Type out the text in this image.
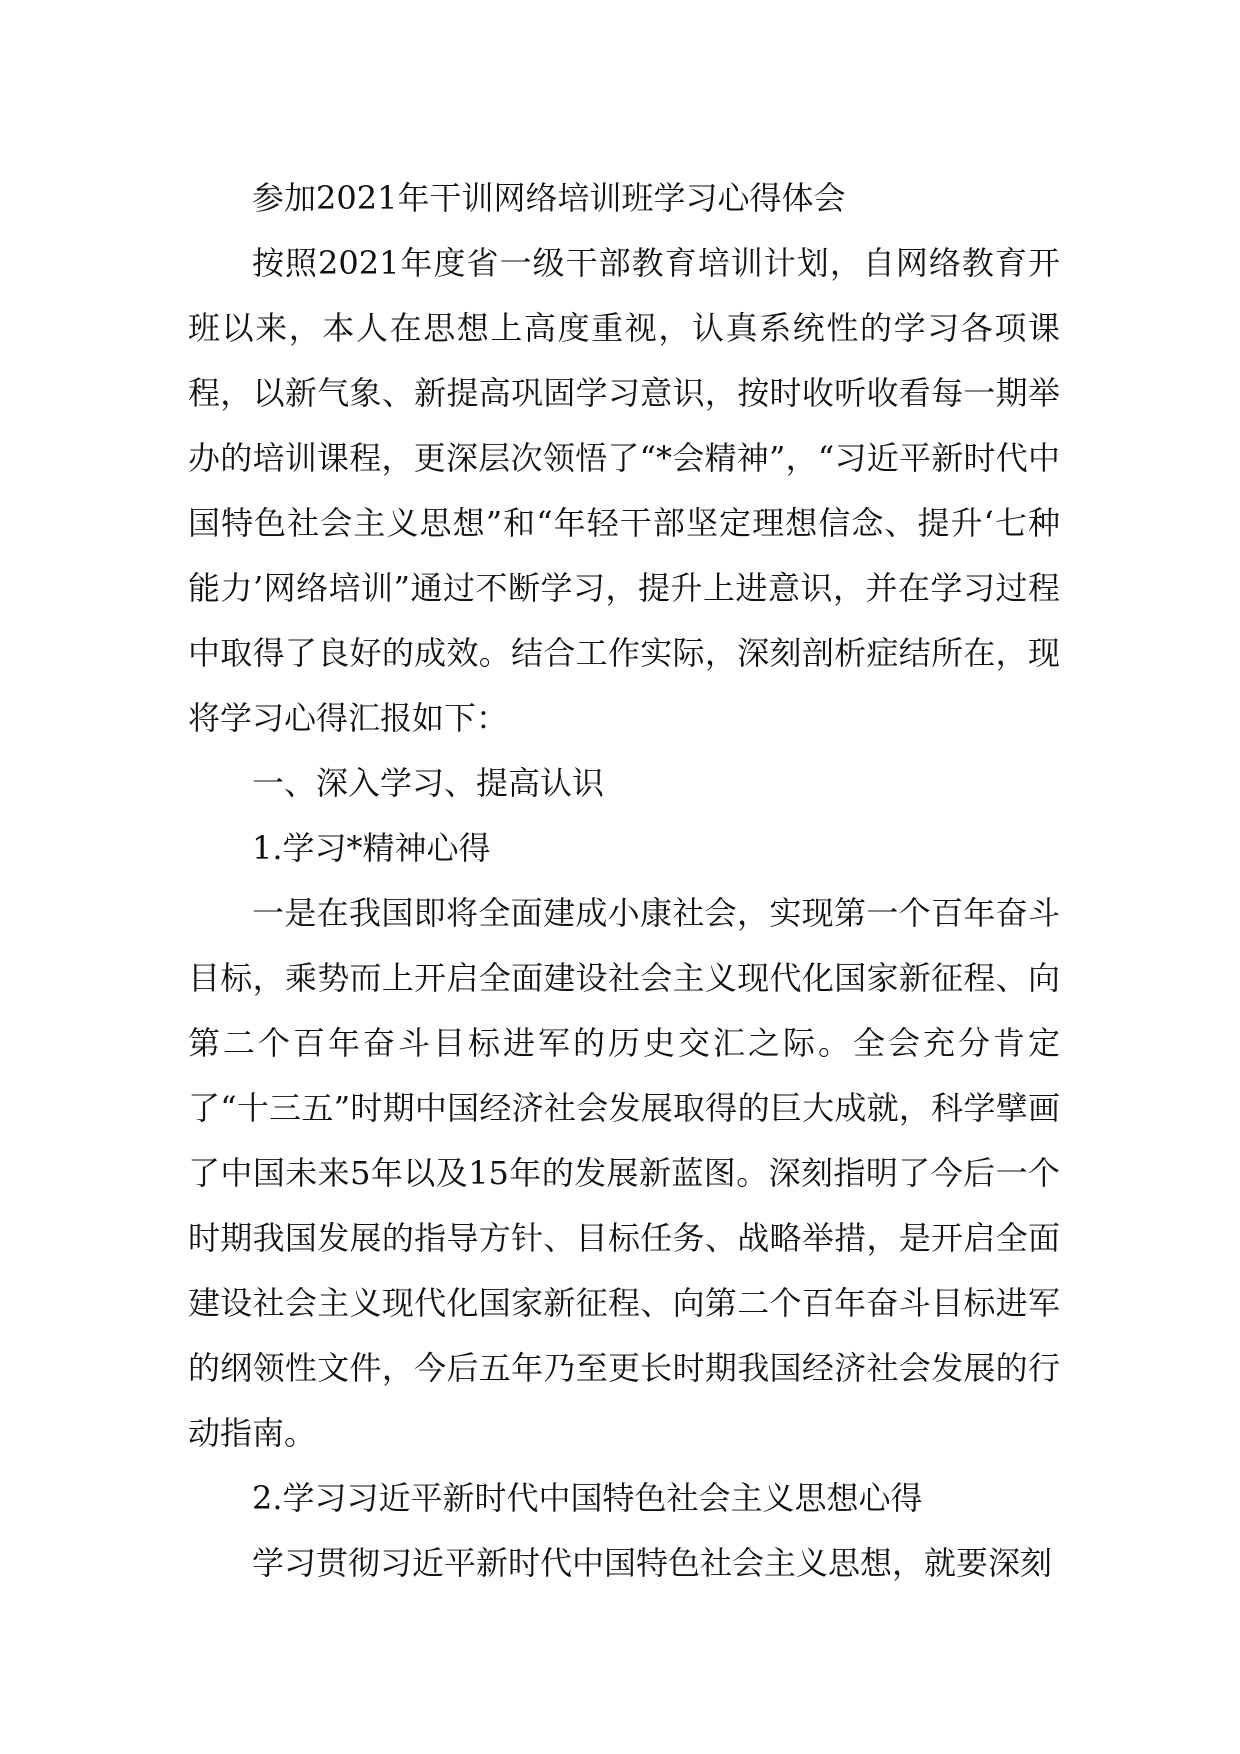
参加2021年干训网络培训班学习心得体会

按照2021年度省一级干部教育培训计划，自网络教育开班以来，本人在思想上高度重视，认真系统性的学习各项课程，以新气象、新提高巩固学习意识，按时收听收看每一期举办的培训课程，更深层次领悟了“*会精神”，“习近平新时代中国特色社会主义思想”和“年轻干部坚定理想信念、提升‘七种能力’网络培训”通过不断学习，提升上进意识，并在学习过程中取得了良好的成效。结合工作实际，深刻剖析症结所在，现将学习心得汇报如下：

一、深入学习、提高认识

1.学习*精神心得

一是在我国即将全面建成小康社会，实现第一个百年奋斗目标，乘势而上开启全面建设社会主义现代化国家新征程、向第二个百年奋斗目标进军的历史交汇之际。全会充分肯定了“十三五”时期中国经济社会发展取得的巨大成就，科学擘画了中国未来5年以及15年的发展新蓝图。深刻指明了今后一个时期我国发展的指导方针、目标任务、战略举措，是开启全面建设社会主义现代化国家新征程、向第二个百年奋斗目标进军的纲领性文件，今后五年乃至更长时期我国经济社会发展的行动指南。

2.学习习近平新时代中国特色社会主义思想心得

学习贯彻习近平新时代中国特色社会主义思想，就要深刻
